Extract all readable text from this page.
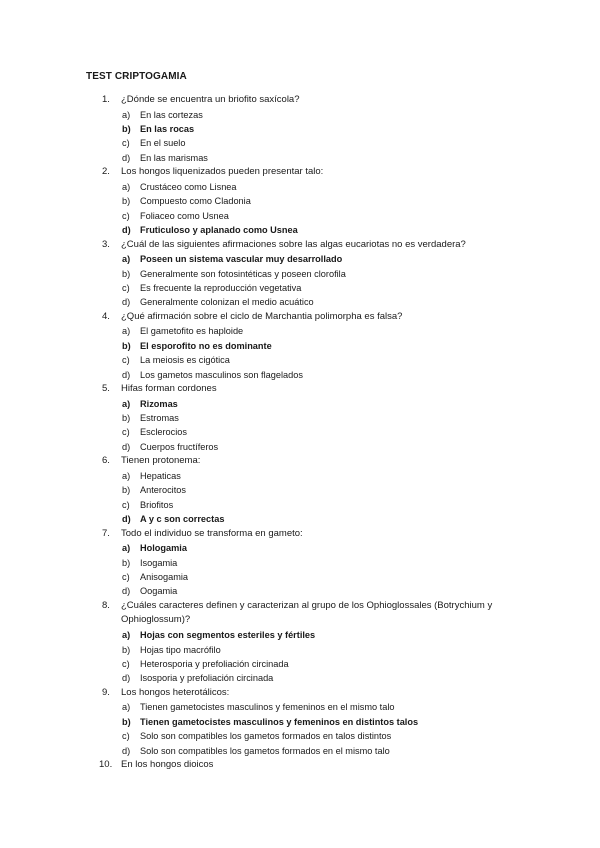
TEST CRIPTOGAMIA
1.	¿Dónde se encuentra un briofito saxícola?
a) En las cortezas
b) En las rocas
c) En el suelo
d) En las marismas
2.	Los hongos liquenizados pueden presentar talo:
a) Crustáceo como Lisnea
b) Compuesto como Cladonia
c) Foliaceo como Usnea
d) Fruticuloso y aplanado como Usnea
3.	¿Cuál de las siguientes afirmaciones sobre las algas eucariotas no es verdadera?
a) Poseen un sistema vascular muy desarrollado
b) Generalmente son fotosintéticas y poseen clorofila
c) Es frecuente la reproducción vegetativa
d) Generalmente colonizan el medio acuático
4.	¿Qué afirmación sobre el ciclo de Marchantia polimorpha es falsa?
a) El gametofito es haploide
b) El esporofito no es dominante
c) La meiosis es cigótica
d) Los gametos masculinos son flagelados
5.	Hifas forman cordones
a) Rizomas
b) Estromas
c) Esclerocios
d) Cuerpos fructíferos
6.	Tienen protonema:
a) Hepaticas
b) Anterocitos
c) Briofitos
d) A y c son correctas
7.	Todo el individuo se transforma en gameto:
a) Hologamia
b) Isogamia
c) Anisogamia
d) Oogamia
8.	¿Cuáles caracteres definen y caracterizan al grupo de los Ophioglossales (Botrychium y
Ophioglossum)?
a) Hojas con segmentos esteriles y fértiles
b) Hojas tipo macrófilo
c) Heterosporia y prefoliación circinada
d) Isosporia y prefoliación circinada
9.	Los hongos heterotálicos:
a) Tienen gametocistes masculinos y femeninos en el mismo talo
b) Tienen gametocistes masculinos y femeninos en distintos talos
c) Solo son compatibles los gametos formados en talos distintos
d) Solo son compatibles los gametos formados en el mismo talo
10. En los hongos dioicos
